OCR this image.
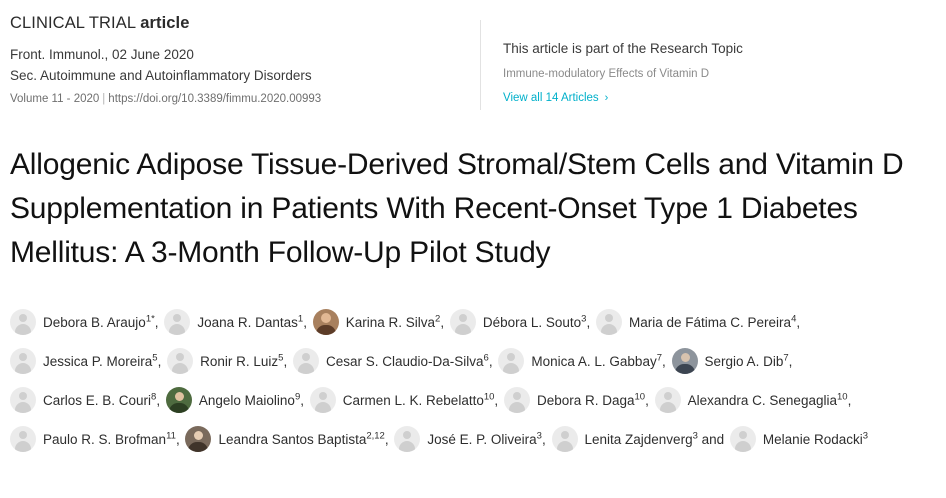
CLINICAL TRIAL article
Front. Immunol., 02 June 2020
Sec. Autoimmune and Autoinflammatory Disorders
Volume 11 - 2020 | https://doi.org/10.3389/fimmu.2020.00993
This article is part of the Research Topic
Immune-modulatory Effects of Vitamin D
View all 14 Articles ›
Allogenic Adipose Tissue-Derived Stromal/Stem Cells and Vitamin D Supplementation in Patients With Recent-Onset Type 1 Diabetes Mellitus: A 3-Month Follow-Up Pilot Study
Debora B. Araujo$^{1*}$,	Joana R. Dantas$^1$,	Karina R. Silva$^2$,	Débora L. Souto$^3$,	Maria de Fátima C. Pereira$^4$, Jessica P. Moreira$^5$,	Ronir R. Luiz$^5$,	Cesar S. Claudio-Da-Silva$^6$,	Monica A. L. Gabbay$^7$,	Sergio A. Dib$^7$, Carlos E. B. Couri$^8$,	Angelo Maiolino$^9$,	Carmen L. K. Rebelatto$^{10}$,	Debora R. Daga$^{10}$,	Alexandra C. Senegaglia$^{10}$, Paulo R. S. Brofman$^{11}$,	Leandra Santos Baptista$^{2,12}$,	José E. P. Oliveira$^3$,	Lenita Zajdenverg$^3$ and	Melanie Rodacki$^3$
